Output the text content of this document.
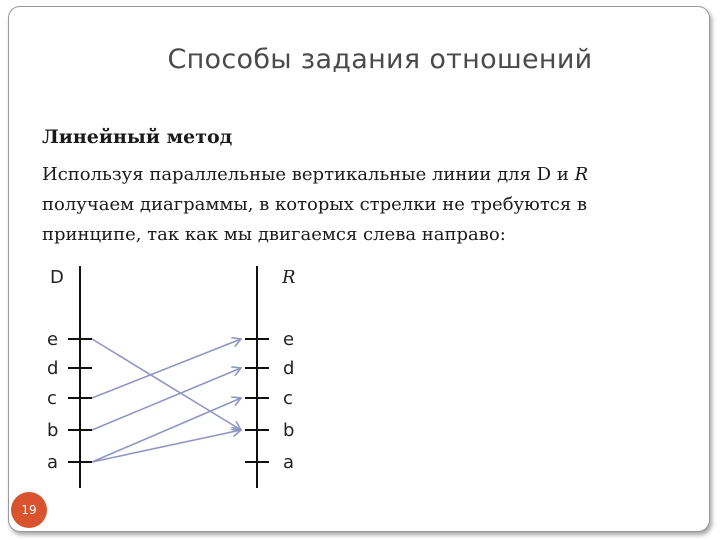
Способы задания отношений
Линейный метод
Используя параллельные вертикальные линии для D и R получаем диаграммы, в которых стрелки не требуются в принципе, так как мы двигаемся слева направо:
D	R
e
d
c
b
a
e
d
c
b
a
19
